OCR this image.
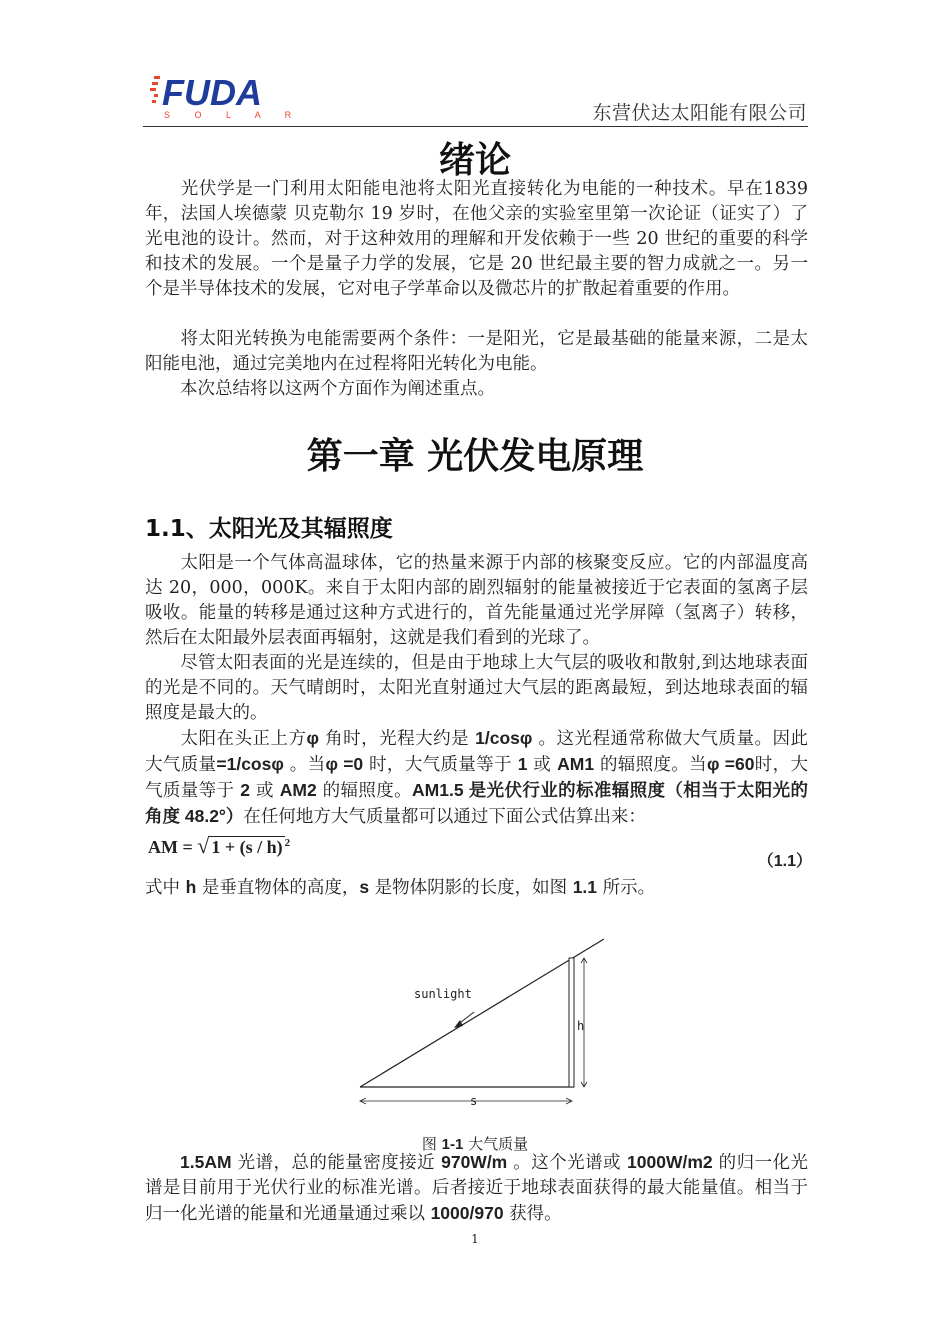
FUDA
S O L A R	东营伏达太阳能有限公司
绪论

光伏学是一门利用太阳能电池将太阳光直接转化为电能的一种技术。早在1839年，法国人埃德蒙 贝克勒尔 19 岁时，在他父亲的实验室里第一次论证（证实了）了光电池的设计。然而，对于这种效用的理解和开发依赖于一些 20 世纪的重要的科学和技术的发展。一个是量子力学的发展，它是 20 世纪最主要的智力成就之一。另一个是半导体技术的发展，它对电子学革命以及微芯片的扩散起着重要的作用。

将太阳光转换为电能需要两个条件：一是阳光，它是最基础的能量来源，二是太阳能电池，通过完美地内在过程将阳光转化为电能。

本次总结将以这两个方面作为阐述重点。

第一章 光伏发电原理
1.1、太阳光及其辐照度

太阳是一个气体高温球体，它的热量来源于内部的核聚变反应。它的内部温度高达 20，000，000K。来自于太阳内部的剧烈辐射的能量被接近于它表面的氢离子层吸收。能量的转移是通过这种方式进行的，首先能量通过光学屏障（氢离子）转移，然后在太阳最外层表面再辐射，这就是我们看到的光球了。

尽管太阳表面的光是连续的，但是由于地球上大气层的吸收和散射,到达地球表面的光是不同的。天气晴朗时，太阳光直射通过大气层的距离最短，到达地球表面的辐照度是最大的。

太阳在头正上方φ 角时，光程大约是 1/cosφ 。这光程通常称做大气质量。因此大气质量=1/cosφ 。当φ =0 时，大气质量等于 1 或 AM1 的辐照度。当φ =60时，大气质量等于 2 或 AM2 的辐照度。AM1.5 是光伏行业的标准辐照度（相当于太阳光的角度 48.2°）在任何地方大气质量都可以通过下面公式估算出来：

AM = √ 1 + (s / h) $^2$
（1.1）

式中 h 是垂直物体的高度，s 是物体阴影的长度，如图 1.1 所示。

h
s
sunlight
图 1-1 大气质量

1.5AM 光谱，总的能量密度接近 970W/m 。这个光谱或 1000W/m2 的归一化光谱是目前用于光伏行业的标准光谱。后者接近于地球表面获得的最大能量值。相当于归一化光谱的能量和光通量通过乘以 1000/970 获得。

1
